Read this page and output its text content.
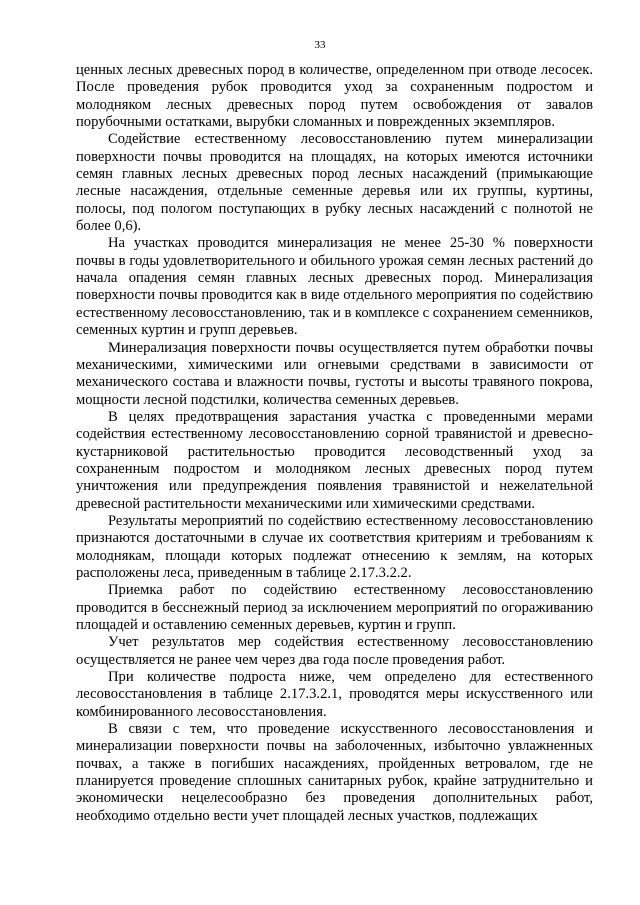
33

ценных лесных древесных пород в количестве, определенном при отводе лесосек. После проведения рубок проводится уход за сохраненным подростом и молодняком лесных древесных пород путем освобождения от завалов порубочными остатками, вырубки сломанных и поврежденных экземпляров.

Содействие естественному лесовосстановлению путем минерализации поверхности почвы проводится на площадях, на которых имеются источники семян главных лесных древесных пород лесных насаждений (примыкающие лесные насаждения, отдельные семенные деревья или их группы, куртины, полосы, под пологом поступающих в рубку лесных насаждений с полнотой не более 0,6).

На участках проводится минерализация не менее 25-30 % поверхности почвы в годы удовлетворительного и обильного урожая семян лесных растений до начала опадения семян главных лесных древесных пород. Минерализация поверхности почвы проводится как в виде отдельного мероприятия по содействию естественному лесовосстановлению, так и в комплексе с сохранением семенников, семенных куртин и групп деревьев.

Минерализация поверхности почвы осуществляется путем обработки почвы механическими, химическими или огневыми средствами в зависимости от механического состава и влажности почвы, густоты и высоты травяного покрова, мощности лесной подстилки, количества семенных деревьев.

В целях предотвращения зарастания участка с проведенными мерами содействия естественному лесовосстановлению сорной травянистой и древесно-кустарниковой растительностью проводится лесоводственный уход за сохраненным подростом и молодняком лесных древесных пород путем уничтожения или предупреждения появления травянистой и нежелательной древесной растительности механическими или химическими средствами.

Результаты мероприятий по содействию естественному лесовосстановлению признаются достаточными в случае их соответствия критериям и требованиям к молоднякам, площади которых подлежат отнесению к землям, на которых расположены леса, приведенным в таблице 2.17.3.2.2.

Приемка работ по содействию естественному лесовосстановлению проводится в бесснежный период за исключением мероприятий по огораживанию площадей и оставлению семенных деревьев, куртин и групп.

Учет результатов мер содействия естественному лесовосстановлению осуществляется не ранее чем через два года после проведения работ.

При количестве подроста ниже, чем определено для естественного лесовосстановления в таблице 2.17.3.2.1, проводятся меры искусственного или комбинированного лесовосстановления.

В связи с тем, что проведение искусственного лесовосстановления и минерализации поверхности почвы на заболоченных, избыточно увлажненных почвах, а также в погибших насаждениях, пройденных ветровалом, где не планируется проведение сплошных санитарных рубок, крайне затруднительно и экономически нецелесообразно без проведения дополнительных работ, необходимо отдельно вести учет площадей лесных участков, подлежащих
